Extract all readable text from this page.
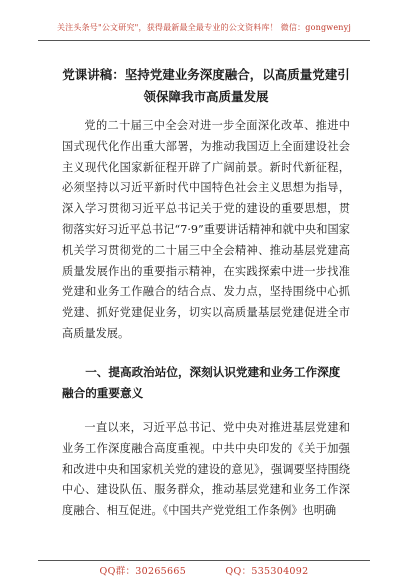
关注头条号"公文研究"，获得最新最全最专业的公文资料库！ 微信：gongwenyj
党课讲稿：坚持党建业务深度融合，以高质量党建引领保障我市高质量发展

党的二十届三中全会对进一步全面深化改革、推进中国式现代化作出重大部署，为推动我国迈上全面建设社会主义现代化国家新征程开辟了广阔前景。新时代新征程，必须坚持以习近平新时代中国特色社会主义思想为指导，深入学习贯彻习近平总书记关于党的建设的重要思想，贯彻落实好习近平总书记“7·9”重要讲话精神和就中央和国家机关学习贯彻党的二十届三中全会精神、推动基层党建高质量发展作出的重要指示精神，在实践探索中进一步找准党建和业务工作融合的结合点、发力点，坚持围绕中心抓党建、抓好党建促业务，切实以高质量基层党建促进全市高质量发展。

一、提高政治站位，深刻认识党建和业务工作深度融合的重要意义

一直以来，习近平总书记、党中央对推进基层党建和业务工作深度融合高度重视。中共中央印发的《关于加强和改进中央和国家机关党的建设的意见》，强调要坚持围绕中心、建设队伍、服务群众，推动基层党建和业务工作深度融合、相互促进。《中国共产党党组工作条例》也明确

QQ群：30265665	QQ：535304092
